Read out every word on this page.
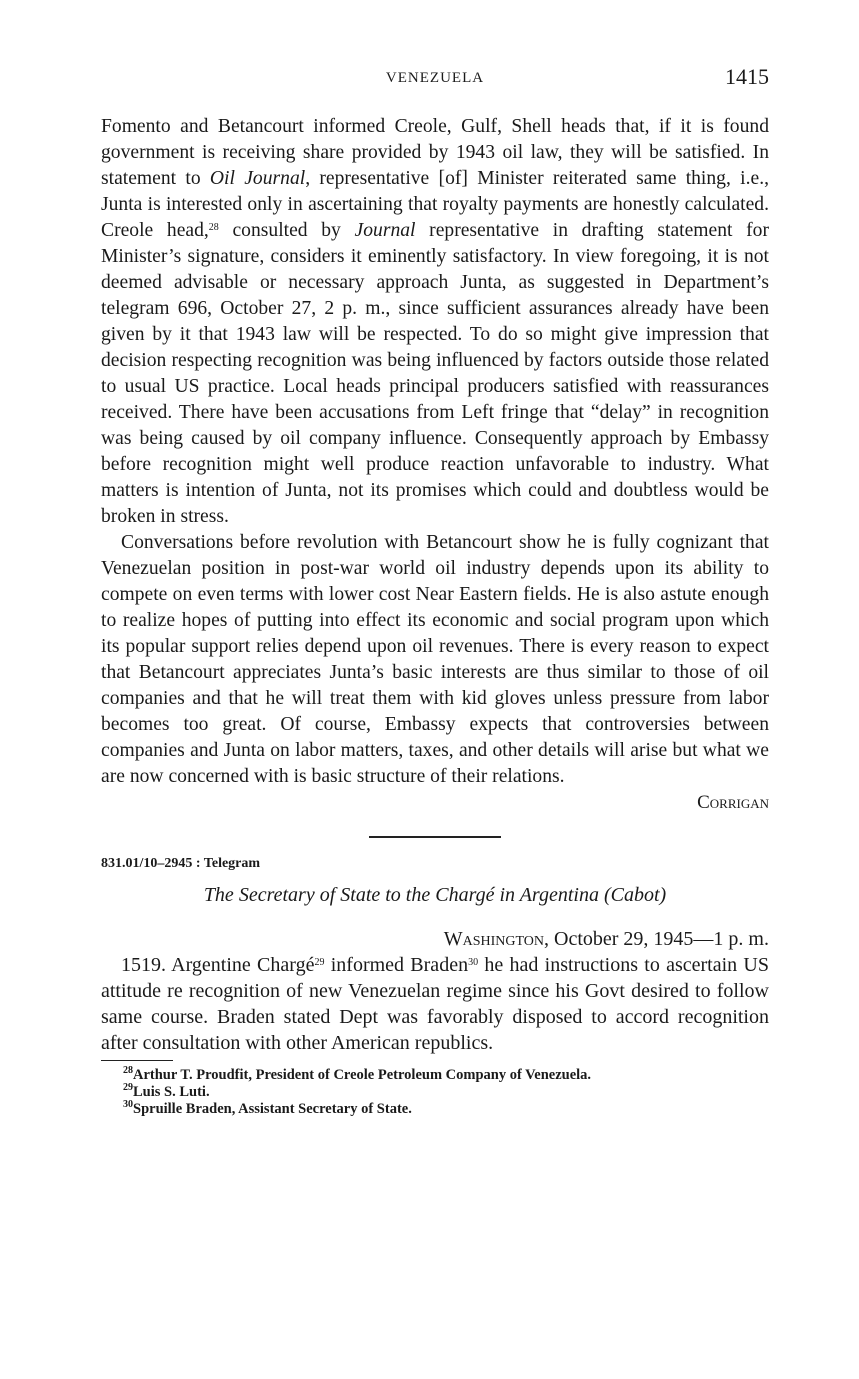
VENEZUELA	1415

Fomento and Betancourt informed Creole, Gulf, Shell heads that, if it is found government is receiving share provided by 1943 oil law, they will be satisfied. In statement to Oil Journal, representative [of] Minister reiterated same thing, i.e., Junta is interested only in ascertaining that royalty payments are honestly calculated. Creole head,$^{28}$ consulted by Journal representative in drafting statement for Minister’s signature, considers it eminently satisfactory. In view foregoing, it is not deemed advisable or necessary approach Junta, as suggested in Department’s telegram 696, October 27, 2 p. m., since sufficient assurances already have been given by it that 1943 law will be respected. To do so might give impression that decision respecting recognition was being influenced by factors outside those related to usual US practice. Local heads principal producers satisfied with reassurances received. There have been accusations from Left fringe that “delay” in recognition was being caused by oil company influence. Consequently approach by Embassy before recognition might well produce reaction unfavorable to industry. What matters is intention of Junta, not its promises which could and doubtless would be broken in stress.

Conversations before revolution with Betancourt show he is fully cognizant that Venezuelan position in post-war world oil industry depends upon its ability to compete on even terms with lower cost Near Eastern fields. He is also astute enough to realize hopes of putting into effect its economic and social program upon which its popular support relies depend upon oil revenues. There is every reason to expect that Betancourt appreciates Junta’s basic interests are thus similar to those of oil companies and that he will treat them with kid gloves unless pressure from labor becomes too great. Of course, Embassy expects that controversies between companies and Junta on labor matters, taxes, and other details will arise but what we are now concerned with is basic structure of their relations.

Corrigan

831.01/10–2945 : Telegram

The Secretary of State to the Chargé in Argentina (Cabot)

Washington, October 29, 1945—1 p. m.

1519. Argentine Chargé$^{29}$ informed Braden$^{30}$ he had instructions to ascertain US attitude re recognition of new Venezuelan regime since his Govt desired to follow same course. Braden stated Dept was favorably disposed to accord recognition after consultation with other American republics.

$^{28}$Arthur T. Proudfit, President of Creole Petroleum Company of Venezuela.

$^{29}$Luis S. Luti.

$^{30}$Spruille Braden, Assistant Secretary of State.
